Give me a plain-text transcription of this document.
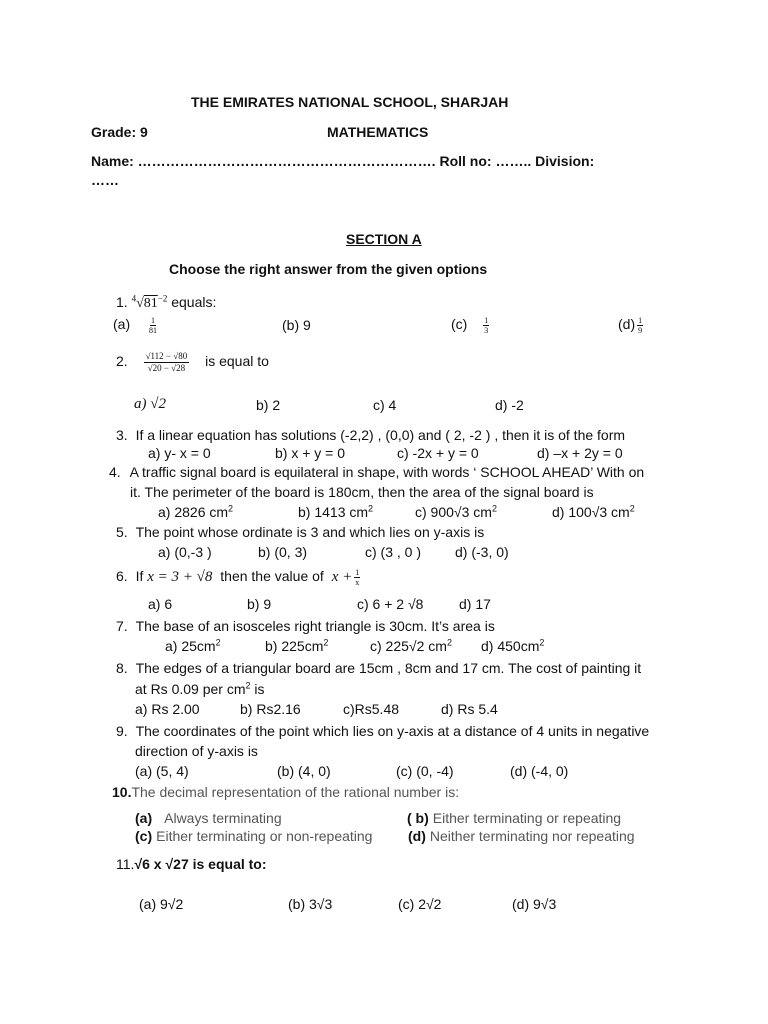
THE EMIRATES NATIONAL SCHOOL, SHARJAH
Grade: 9	MATHEMATICS
Name: ………………………………………………………. Roll no: …….. Division:
……
SECTION A
Choose the right answer from the given options
1. $^4√81^{-2}$ equals:
$(a) \frac{1}{81}$	(b) 9	$(c) \frac{1}{3}$	$(d) \frac{1}{9}$
2. $\frac{√112 - √80}{√20 - √28}$ is equal to
a) √2	b) 2	c) 4	d) -2
3. If a linear equation has solutions (-2,2) , (0,0) and ( 2, -2 ) , then it is of the form
a) y- x = 0	b) x + y = 0	c) -2x + y = 0	d) –x + 2y = 0
4. A traffic signal board is equilateral in shape, with words ‘ SCHOOL AHEAD’ With on
it. The perimeter of the board is 180cm, then the area of the signal board is
a) 2826 $cm^2$	b) 1413 $cm^2$	c) 900√3 $cm^2$	d) 100√3 $cm^2$
5. The point whose ordinate is 3 and which lies on y-axis is
a) (0,-3 )	b) (0, 3)	c) (3 , 0 ) d) (-3, 0)
6. If x = 3 + √8 then the value of $x + \frac{1}{x}$
a) 6	b) 9	c) 6 + 2 √8	d) 17
7. The base of an isosceles right triangle is 30cm. It’s area is
a) $25cm^2$	b) $225cm^2$	c) 225√2 $cm^2$ d) $450cm^2$
8. The edges of a triangular board are 15cm , 8cm and 17 cm. The cost of painting it
at Rs 0.09 per $cm^2$ is
a) Rs 2.00	b) Rs2.16	c)Rs5.48	d) Rs 5.4
9. The coordinates of the point which lies on y-axis at a distance of 4 units in negative
direction of y-axis is
(a) (5, 4)	(b) (4, 0)	(c) (0, -4)	(d) (-4, 0)
10.The decimal representation of the rational number is:
(a) Always terminating	( b) Either terminating or repeating
(c) Either terminating or non-repeating	(d) Neither terminating nor repeating
11.√6 x √27 is equal to:
(a) 9√2	(b) 3√3	(c) 2√2	(d) 9√3
